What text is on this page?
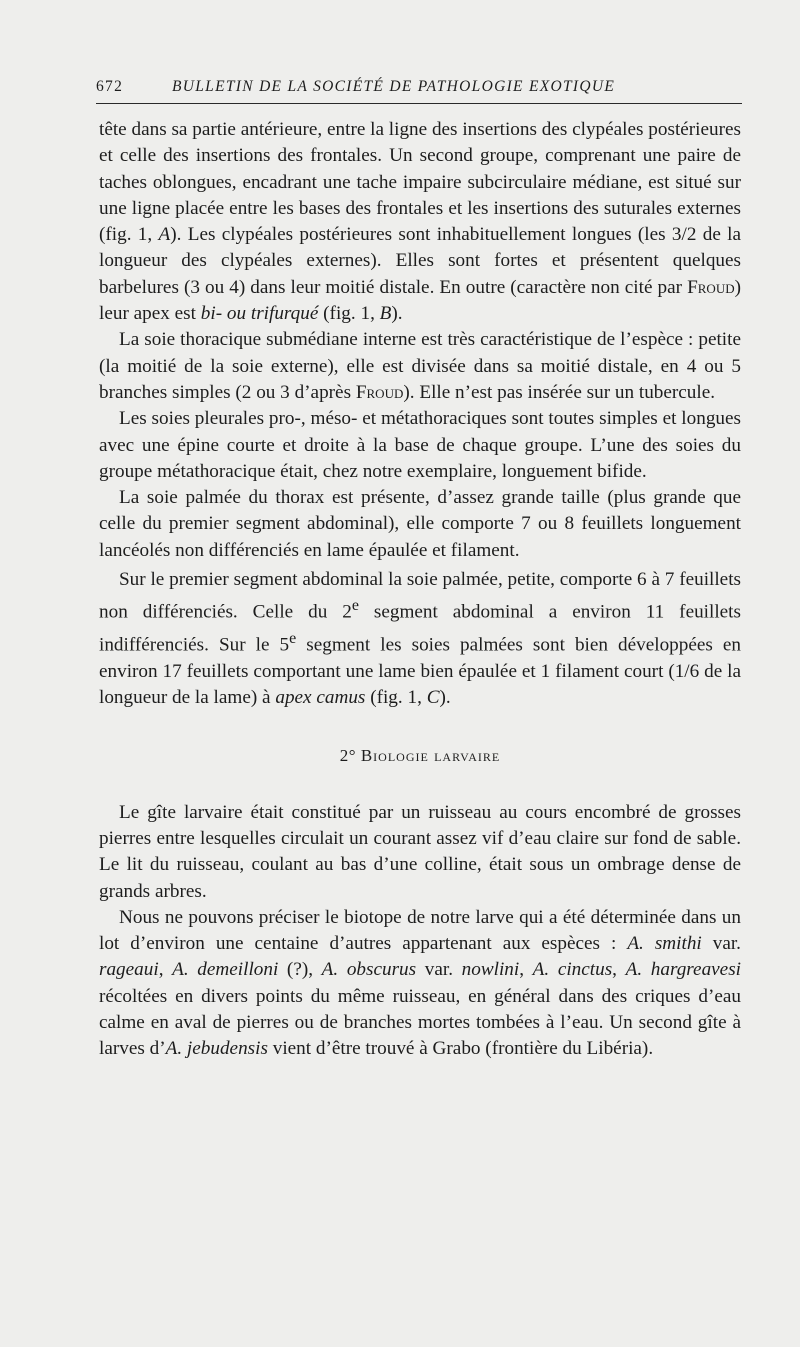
672	BULLETIN DE LA SOCIÉTÉ DE PATHOLOGIE EXOTIQUE

tête dans sa partie antérieure, entre la ligne des insertions des clypéales postérieures et celle des insertions des frontales. Un second groupe, comprenant une paire de taches oblongues, encadrant une tache impaire subcirculaire médiane, est situé sur une ligne placée entre les bases des frontales et les insertions des suturales externes (fig. 1, A). Les clypéales postérieures sont inhabituellement longues (les 3/2 de la longueur des clypéales externes). Elles sont fortes et présentent quelques barbelures (3 ou 4) dans leur moitié distale. En outre (caractère non cité par Froud) leur apex est bi- ou trifurqué (fig. 1, B).

La soie thoracique submédiane interne est très caractéristique de l’espèce : petite (la moitié de la soie externe), elle est divisée dans sa moitié distale, en 4 ou 5 branches simples (2 ou 3 d’après Froud). Elle n’est pas insérée sur un tubercule.

Les soies pleurales pro-, méso- et métathoraciques sont toutes simples et longues avec une épine courte et droite à la base de chaque groupe. L’une des soies du groupe métathoracique était, chez notre exemplaire, longuement bifide.

La soie palmée du thorax est présente, d’assez grande taille (plus grande que celle du premier segment abdominal), elle comporte 7 ou 8 feuillets longuement lancéolés non différenciés en lame épaulée et filament.

Sur le premier segment abdominal la soie palmée, petite, comporte 6 à 7 feuillets non différenciés. Celle du 2e segment abdominal a environ 11 feuillets indifférenciés. Sur le 5e segment les soies palmées sont bien développées en environ 17 feuillets comportant une lame bien épaulée et 1 filament court (1/6 de la longueur de la lame) à apex camus (fig. 1, C).

2° Biologie larvaire

Le gîte larvaire était constitué par un ruisseau au cours encombré de grosses pierres entre lesquelles circulait un courant assez vif d’eau claire sur fond de sable. Le lit du ruisseau, coulant au bas d’une colline, était sous un ombrage dense de grands arbres.

Nous ne pouvons préciser le biotope de notre larve qui a été déterminée dans un lot d’environ une centaine d’autres appartenant aux espèces : A. smithi var. rageaui, A. demeilloni (?), A. obscurus var. nowlini, A. cinctus, A. hargreavesi récoltées en divers points du même ruisseau, en général dans des criques d’eau calme en aval de pierres ou de branches mortes tombées à l’eau. Un second gîte à larves d’A. jebudensis vient d’être trouvé à Grabo (frontière du Libéria).
